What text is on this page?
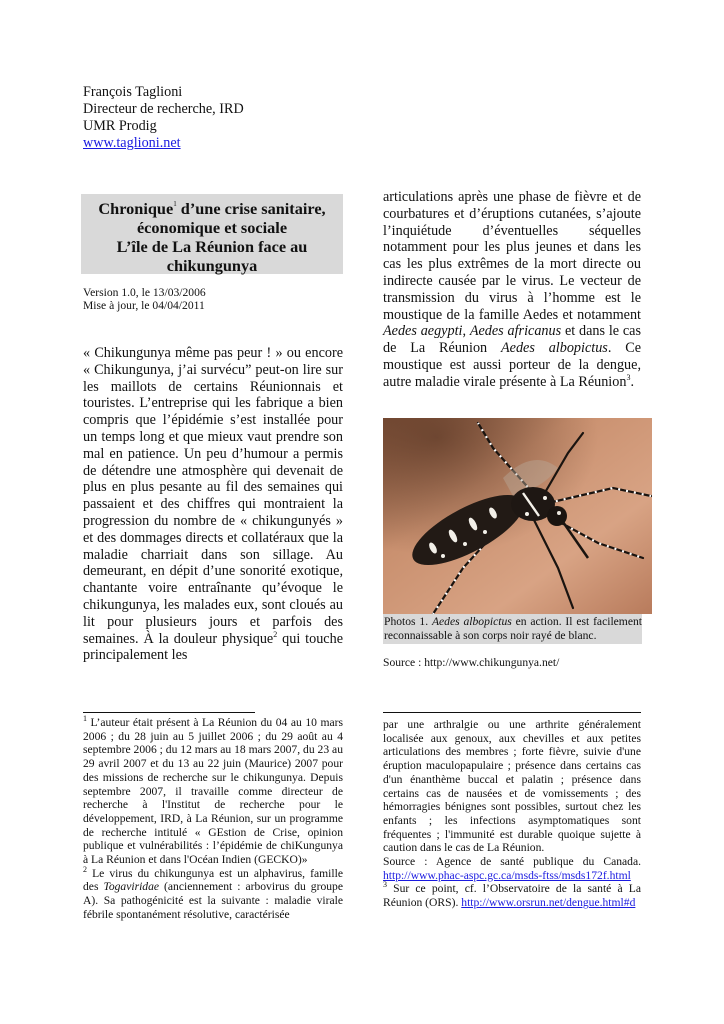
François Taglioni
Directeur de recherche, IRD
UMR Prodig
www.taglioni.net
Chronique$^1$ d’une crise sanitaire,
économique et sociale
L’île de La Réunion face au
chikungunya
Version 1.0, le 13/03/2006
Mise à jour, le 04/04/2011
« Chikungunya même pas peur ! » ou encore « Chikungunya, j’ai survécu” peut-on lire sur les maillots de certains Réunionnais et touristes. L’entreprise qui les fabrique a bien compris que l’épidémie s’est installée pour un temps long et que mieux vaut prendre son mal en patience. Un peu d’humour a permis de détendre une atmosphère qui devenait de plus en plus pesante au fil des semaines qui passaient et des chiffres qui montraient la progression du nombre de « chikungunyés » et des dommages directs et collatéraux que la maladie charriait dans son sillage. Au demeurant, en dépit d’une sonorité exotique, chantante voire entraînante qu’évoque le chikungunya, les malades eux, sont cloués au lit pour plusieurs jours et parfois des semaines. À la douleur physique$^2$ qui touche principalement les
articulations après une phase de fièvre et de courbatures et d’éruptions cutanées, s’ajoute l’inquiétude d’éventuelles séquelles notamment pour les plus jeunes et dans les cas les plus extrêmes de la mort directe ou indirecte causée par le virus. Le vecteur de transmission du virus à l’homme est le moustique de la famille Aedes et notamment Aedes aegypti, Aedes africanus et dans le cas de La Réunion Aedes albopictus. Ce moustique est aussi porteur de la dengue, autre maladie virale présente à La Réunion$^3$.
Photos 1. Aedes albopictus en action. Il est facilement reconnaissable à son corps noir rayé de blanc.
Source : http://www.chikungunya.net/
$^1$ L’auteur était présent à La Réunion du 04 au 10 mars 2006 ; du 28 juin au 5 juillet 2006 ; du 29 août au 4 septembre 2006 ; du 12 mars au 18 mars 2007, du 23 au 29 avril 2007 et du 13 au 22 juin (Maurice) 2007 pour des missions de recherche sur le chikungunya. Depuis septembre 2007, il travaille comme directeur de recherche à l'Institut de recherche pour le développement, IRD, à La Réunion, sur un programme de recherche intitulé « GEstion de Crise, opinion publique et vulnérabilités : l’épidémie de chiKungunya à La Réunion et dans l'Océan Indien (GECKO)»
$^2$ Le virus du chikungunya est un alphavirus, famille des Togaviridae (anciennement : arbovirus du groupe A). Sa pathogénicité est la suivante : maladie virale fébrile spontanément résolutive, caractérisée
par une arthralgie ou une arthrite généralement localisée aux genoux, aux chevilles et aux petites articulations des membres ; forte fièvre, suivie d'une éruption maculopapulaire ; présence dans certains cas d'un énanthème buccal et palatin ; présence dans certains cas de nausées et de vomissements ; des hémorragies bénignes sont possibles, surtout chez les enfants ; les infections asymptomatiques sont fréquentes ; l'immunité est durable quoique sujette à caution dans le cas de La Réunion.
Source : Agence de santé publique du Canada. http://www.phac-aspc.gc.ca/msds-ftss/msds172f.html
$^3$ Sur ce point, cf. l’Observatoire de la santé à La Réunion (ORS). http://www.orsrun.net/dengue.html#d
